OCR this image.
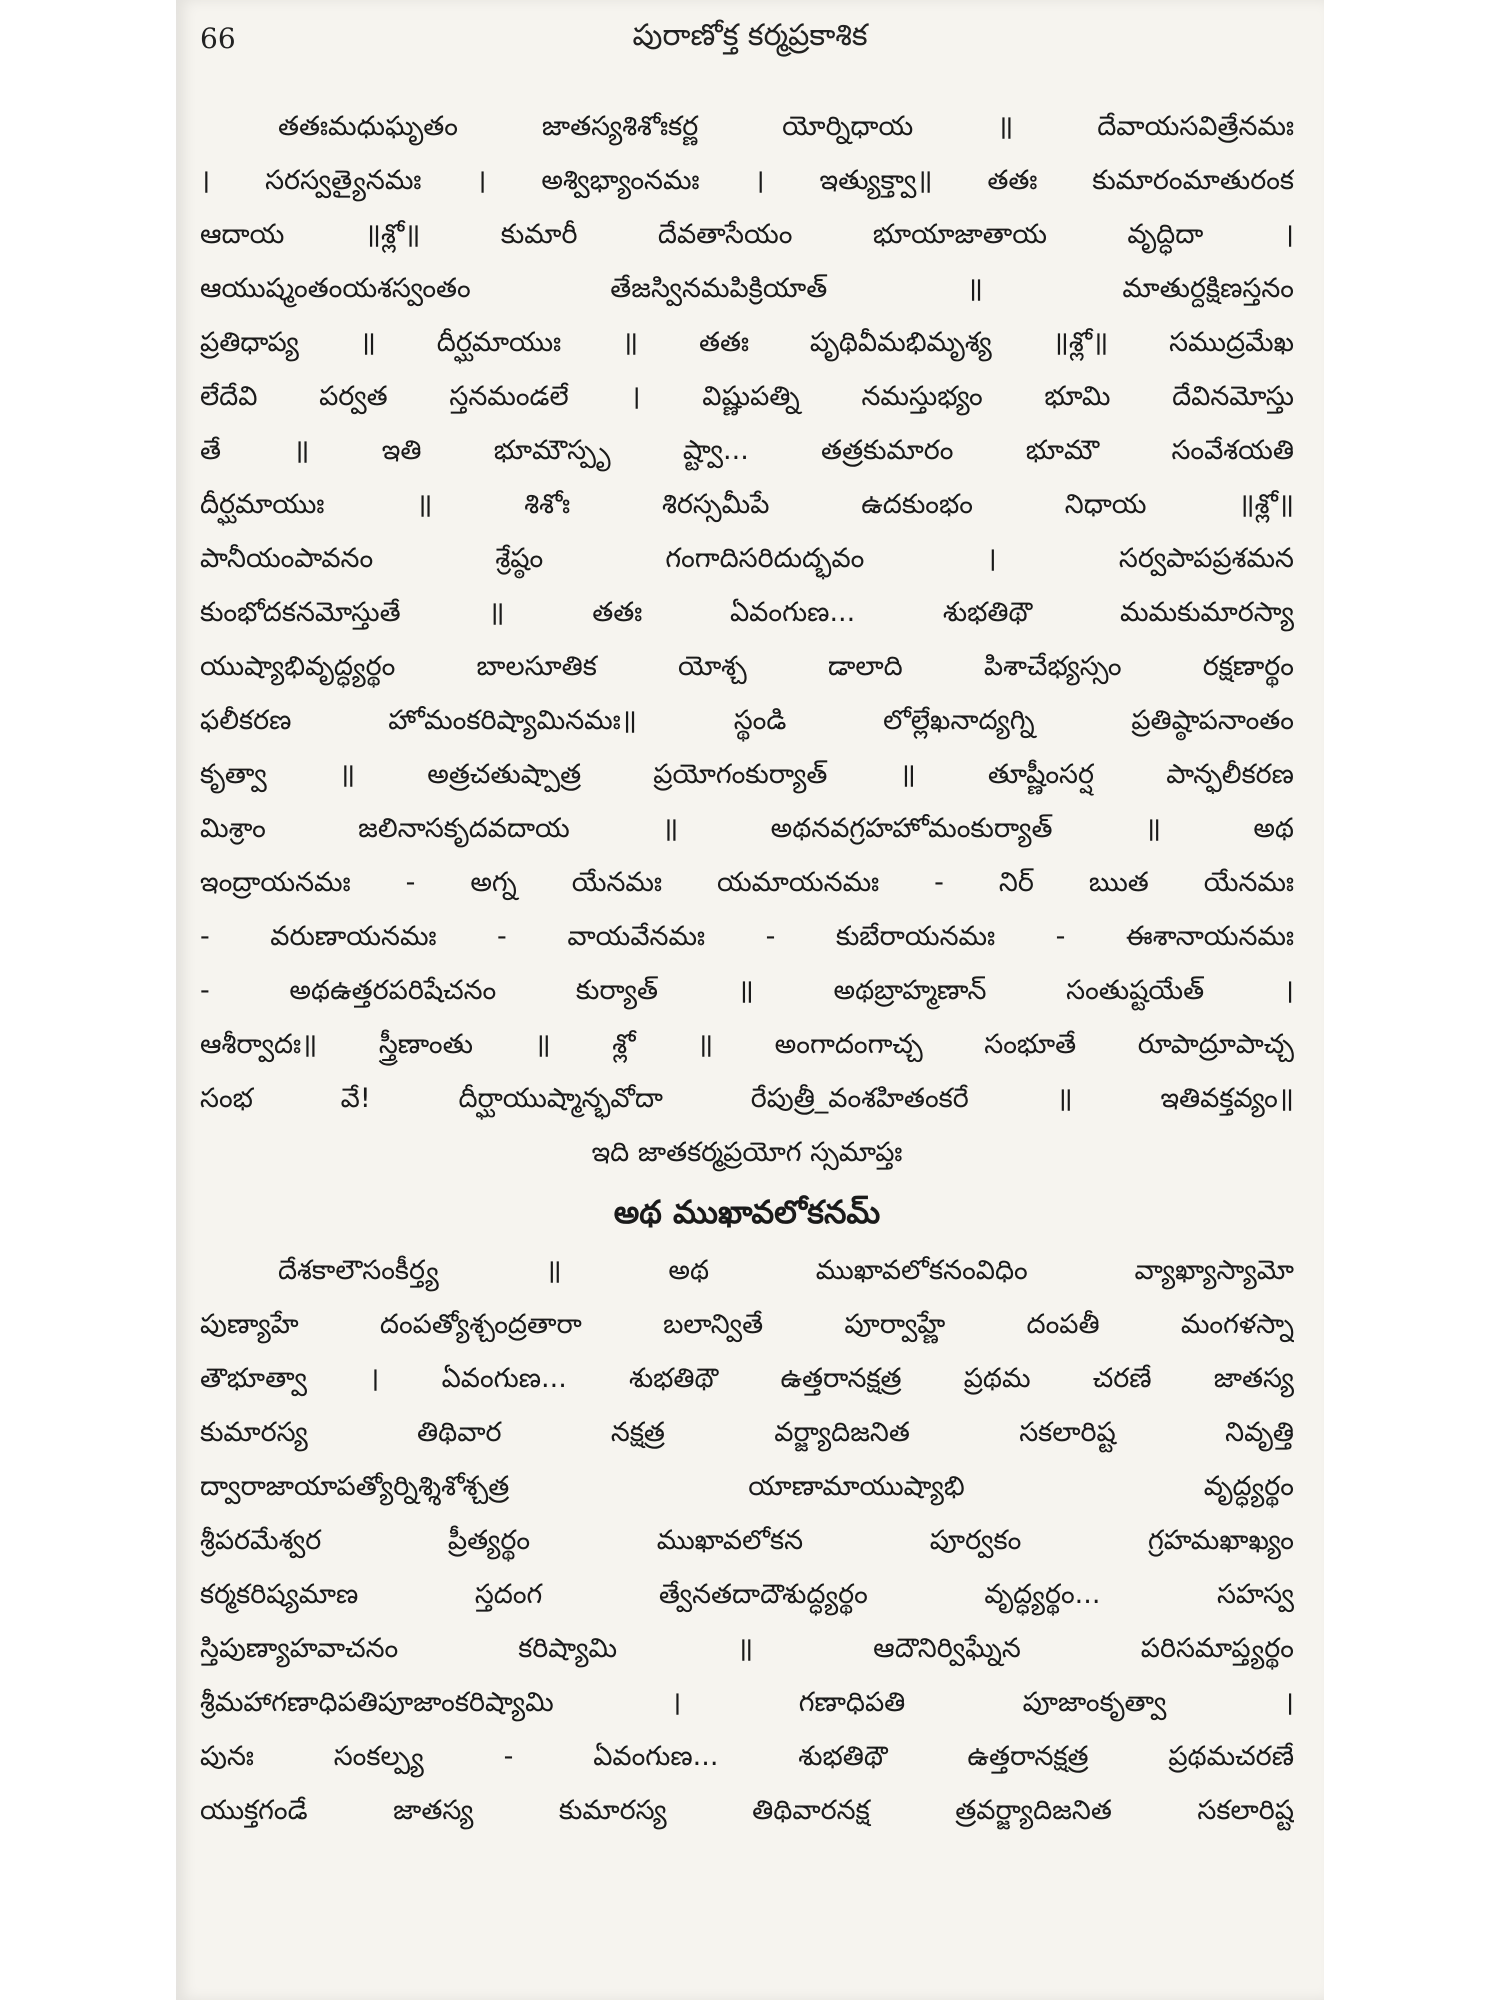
66	పురాణోక్త కర్మప్రకాశిక
తతఃమధుఘృతం జాతస్యశిశోఃకర్ణ యోర్నిధాయ ॥ దేవాయసవిత్రేనమః
। సరస్వత్యైనమః । అశ్విభ్యాంనమః । ఇత్యుక్త్వా॥ తతః కుమారంమాతురంక
ఆదాయ ॥శ్లో॥ కుమారీ దేవతాసేయం భూయాజాతాయ వృద్ధిదా ।
ఆయుష్మంతంయశస్వంతం తేజస్వినమపిక్రియాత్ ॥ మాతుర్దక్షిణస్తనం
ప్రతిధాప్య ॥ దీర్ఘమాయుః ॥ తతః పృథివీమభిమృశ్య ॥శ్లో॥ సముద్రమేఖ
లేదేవి పర్వత స్తనమండలే । విష్ణుపత్ని నమస్తుభ్యం భూమి దేవినమోస్తు
తే ॥ ఇతి భూమౌస్పృ ష్ట్వా... తత్రకుమారం భూమౌ సంవేశయతి
దీర్ఘమాయుః ॥ శిశోః శిరస్సమీపే ఉదకుంభం నిధాయ ॥శ్లో॥
పానీయంపావనం శ్రేష్ఠం గంగాదిసరిదుద్భవం । సర్వపాపప్రశమన
కుంభోదకనమోస్తుతే ॥ తతః ఏవంగుణ... శుభతిథౌ మమకుమారస్యా
యుష్యాభివృద్ధ్యర్థం బాలసూతిక యోశ్చ డాలాది పిశాచేభ్యస్సం రక్షణార్థం
ఫలీకరణ హోమంకరిష్యామినమః॥ స్థండి లోల్లేఖనాద్యగ్ని ప్రతిష్ఠాపనాంతం
కృత్వా ॥ అత్రచతుష్పాత్ర ప్రయోగంకుర్యాత్ ॥ తూష్ణీంసర్ష పాన్ఫలీకరణ
మిశ్రాం జలినాసకృదవదాయ ॥ అథనవగ్రహహోమంకుర్యాత్ ॥ అథ
ఇంద్రాయనమః - అగ్న యేనమః యమాయనమః - నిర్ ఋత యేనమః
- వరుణాయనమః - వాయవేనమః - కుబేరాయనమః - ఈశానాయనమః
- అథఉత్తరపరిషేచనం కుర్యాత్ ॥ అథబ్రాహ్మణాన్ సంతుష్టయేత్ ।
ఆశీర్వాదః॥ స్త్రీణాంతు ॥ శ్లో ॥ అంగాదంగాచ్చ సంభూతే రూపాద్రూపాచ్చ
సంభ వే! దీర్ఘాయుష్మాన్భవోదా రేపుత్రీ_వంశహితంకరే ॥ ఇతివక్తవ్యం॥
ఇది జాతకర్మప్రయోగ స్సమాప్తః
అథ ముఖావలోకనమ్
దేశకాలౌసంకీర్త్య ॥ అథ ముఖావలోకనంవిధిం వ్యాఖ్యాస్యామో
పుణ్యాహే దంపత్యోశ్చంద్రతారా బలాన్వితే పూర్వాహ్ణే దంపతీ మంగళస్నా
తౌభూత్వా । ఏవంగుణ... శుభతిథౌ ఉత్తరానక్షత్ర ప్రథమ చరణే జాతస్య
కుమారస్య తిథివార నక్షత్ర వర్జ్యాదిజనిత సకలారిష్ట నివృత్తి
ద్వారాజాయాపత్యోర్నిశ్శిశోశ్చత్ర యాణామాయుష్యాభి వృద్ధ్యర్థం
శ్రీపరమేశ్వర ప్రీత్యర్థం ముఖావలోకన పూర్వకం గ్రహమఖాఖ్యం
కర్మకరిష్యమాణ స్తదంగ త్వేనతదాదౌశుద్ధ్యర్థం వృద్ధ్యర్థం... సహస్వ
స్తిపుణ్యాహవాచనం కరిష్యామి ॥ ఆదౌనిర్విఘ్నేన పరిసమాప్త్యర్థం
శ్రీమహాగణాధిపతిపూజాంకరిష్యామి । గణాధిపతి పూజాంకృత్వా ।
పునః సంకల్ప్య - ఏవంగుణ... శుభతిథౌ ఉత్తరానక్షత్ర ప్రథమచరణే
యుక్తగండే జాతస్య కుమారస్య తిథివారనక్ష త్రవర్జ్యాదిజనిత సకలారిష్ట
